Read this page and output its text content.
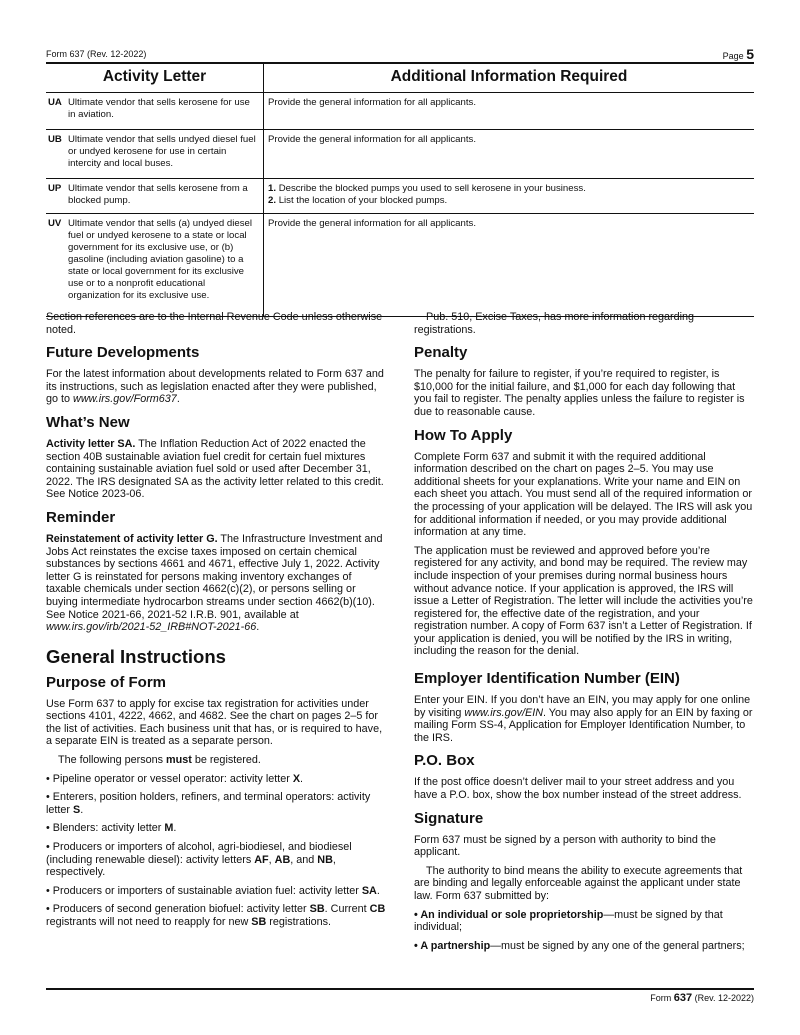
Form 637 (Rev. 12-2022)	Page 5
Activity Letter	Additional Information Required
UA Ultimate vendor that sells kerosene for use in aviation.	Provide the general information for all applicants.
UB Ultimate vendor that sells undyed diesel fuel or undyed kerosene for use in certain intercity and local buses.	Provide the general information for all applicants.
UP Ultimate vendor that sells kerosene from a blocked pump.	1. Describe the blocked pumps you used to sell kerosene in your business.
2. List the location of your blocked pumps.

UV Ultimate vendor that sells (a) undyed diesel fuel or undyed kerosene to a state or local government for its exclusive use, or (b) gasoline (including aviation gasoline) to a state or local government for its exclusive use or to a nonprofit educational organization for its exclusive use.	Provide the general information for all applicants.

Section references are to the Internal Revenue Code unless otherwise noted.

Future Developments

For the latest information about developments related to Form 637 and its instructions, such as legislation enacted after they were published, go to www.irs.gov/Form637.

What’s New

Activity letter SA. The Inflation Reduction Act of 2022 enacted the section 40B sustainable aviation fuel credit for certain fuel mixtures containing sustainable aviation fuel sold or used after December 31, 2022. The IRS designated SA as the activity letter related to this credit. See Notice 2023-06.

Reminder

Reinstatement of activity letter G. The Infrastructure Investment and Jobs Act reinstates the excise taxes imposed on certain chemical substances by sections 4661 and 4671, effective July 1, 2022. Activity letter G is reinstated for persons making inventory exchanges of taxable chemicals under section 4662(c)(2), or persons selling or buying intermediate hydrocarbon streams under section 4662(b)(10). See Notice 2021-66, 2021-52 I.R.B. 901, available at www.irs.gov/irb/2021-52_IRB#NOT-2021-66.

General Instructions
Purpose of Form

Use Form 637 to apply for excise tax registration for activities under sections 4101, 4222, 4662, and 4682. See the chart on pages 2–5 for the list of activities. Each business unit that has, or is required to have, a separate EIN is treated as a separate person.

The following persons must be registered.

• Pipeline operator or vessel operator: activity letter X.

• Enterers, position holders, refiners, and terminal operators: activity letter S.

• Blenders: activity letter M.

• Producers or importers of alcohol, agri-biodiesel, and biodiesel (including renewable diesel): activity letters AF, AB, and NB, respectively.

• Producers or importers of sustainable aviation fuel: activity letter SA.

• Producers of second generation biofuel: activity letter SB. Current CB registrants will not need to reapply for new SB registrations.

Pub. 510, Excise Taxes, has more information regarding registrations.

Penalty

The penalty for failure to register, if you’re required to register, is $10,000 for the initial failure, and $1,000 for each day following that you fail to register. The penalty applies unless the failure to register is due to reasonable cause.

How To Apply

Complete Form 637 and submit it with the required additional information described on the chart on pages 2–5. You may use additional sheets for your explanations. Write your name and EIN on each sheet you attach. You must send all of the required information or the processing of your application will be delayed. The IRS will ask you for additional information if needed, or you may provide additional information at any time.

The application must be reviewed and approved before you’re registered for any activity, and bond may be required. The review may include inspection of your premises during normal business hours without advance notice. If your application is approved, the IRS will issue a Letter of Registration. The letter will include the activities you’re registered for, the effective date of the registration, and your registration number. A copy of Form 637 isn’t a Letter of Registration. If your application is denied, you will be notified by the IRS in writing, including the reason for the denial.

Employer Identification Number (EIN)

Enter your EIN. If you don’t have an EIN, you may apply for one online by visiting www.irs.gov/EIN. You may also apply for an EIN by faxing or mailing Form SS-4, Application for Employer Identification Number, to the IRS.

P.O. Box

If the post office doesn’t deliver mail to your street address and you have a P.O. box, show the box number instead of the street address.

Signature

Form 637 must be signed by a person with authority to bind the applicant.

The authority to bind means the ability to execute agreements that are binding and legally enforceable against the applicant under state law. Form 637 submitted by:

• An individual or sole proprietorship—must be signed by that individual;

• A partnership—must be signed by any one of the general partners;

Form 637 (Rev. 12-2022)
